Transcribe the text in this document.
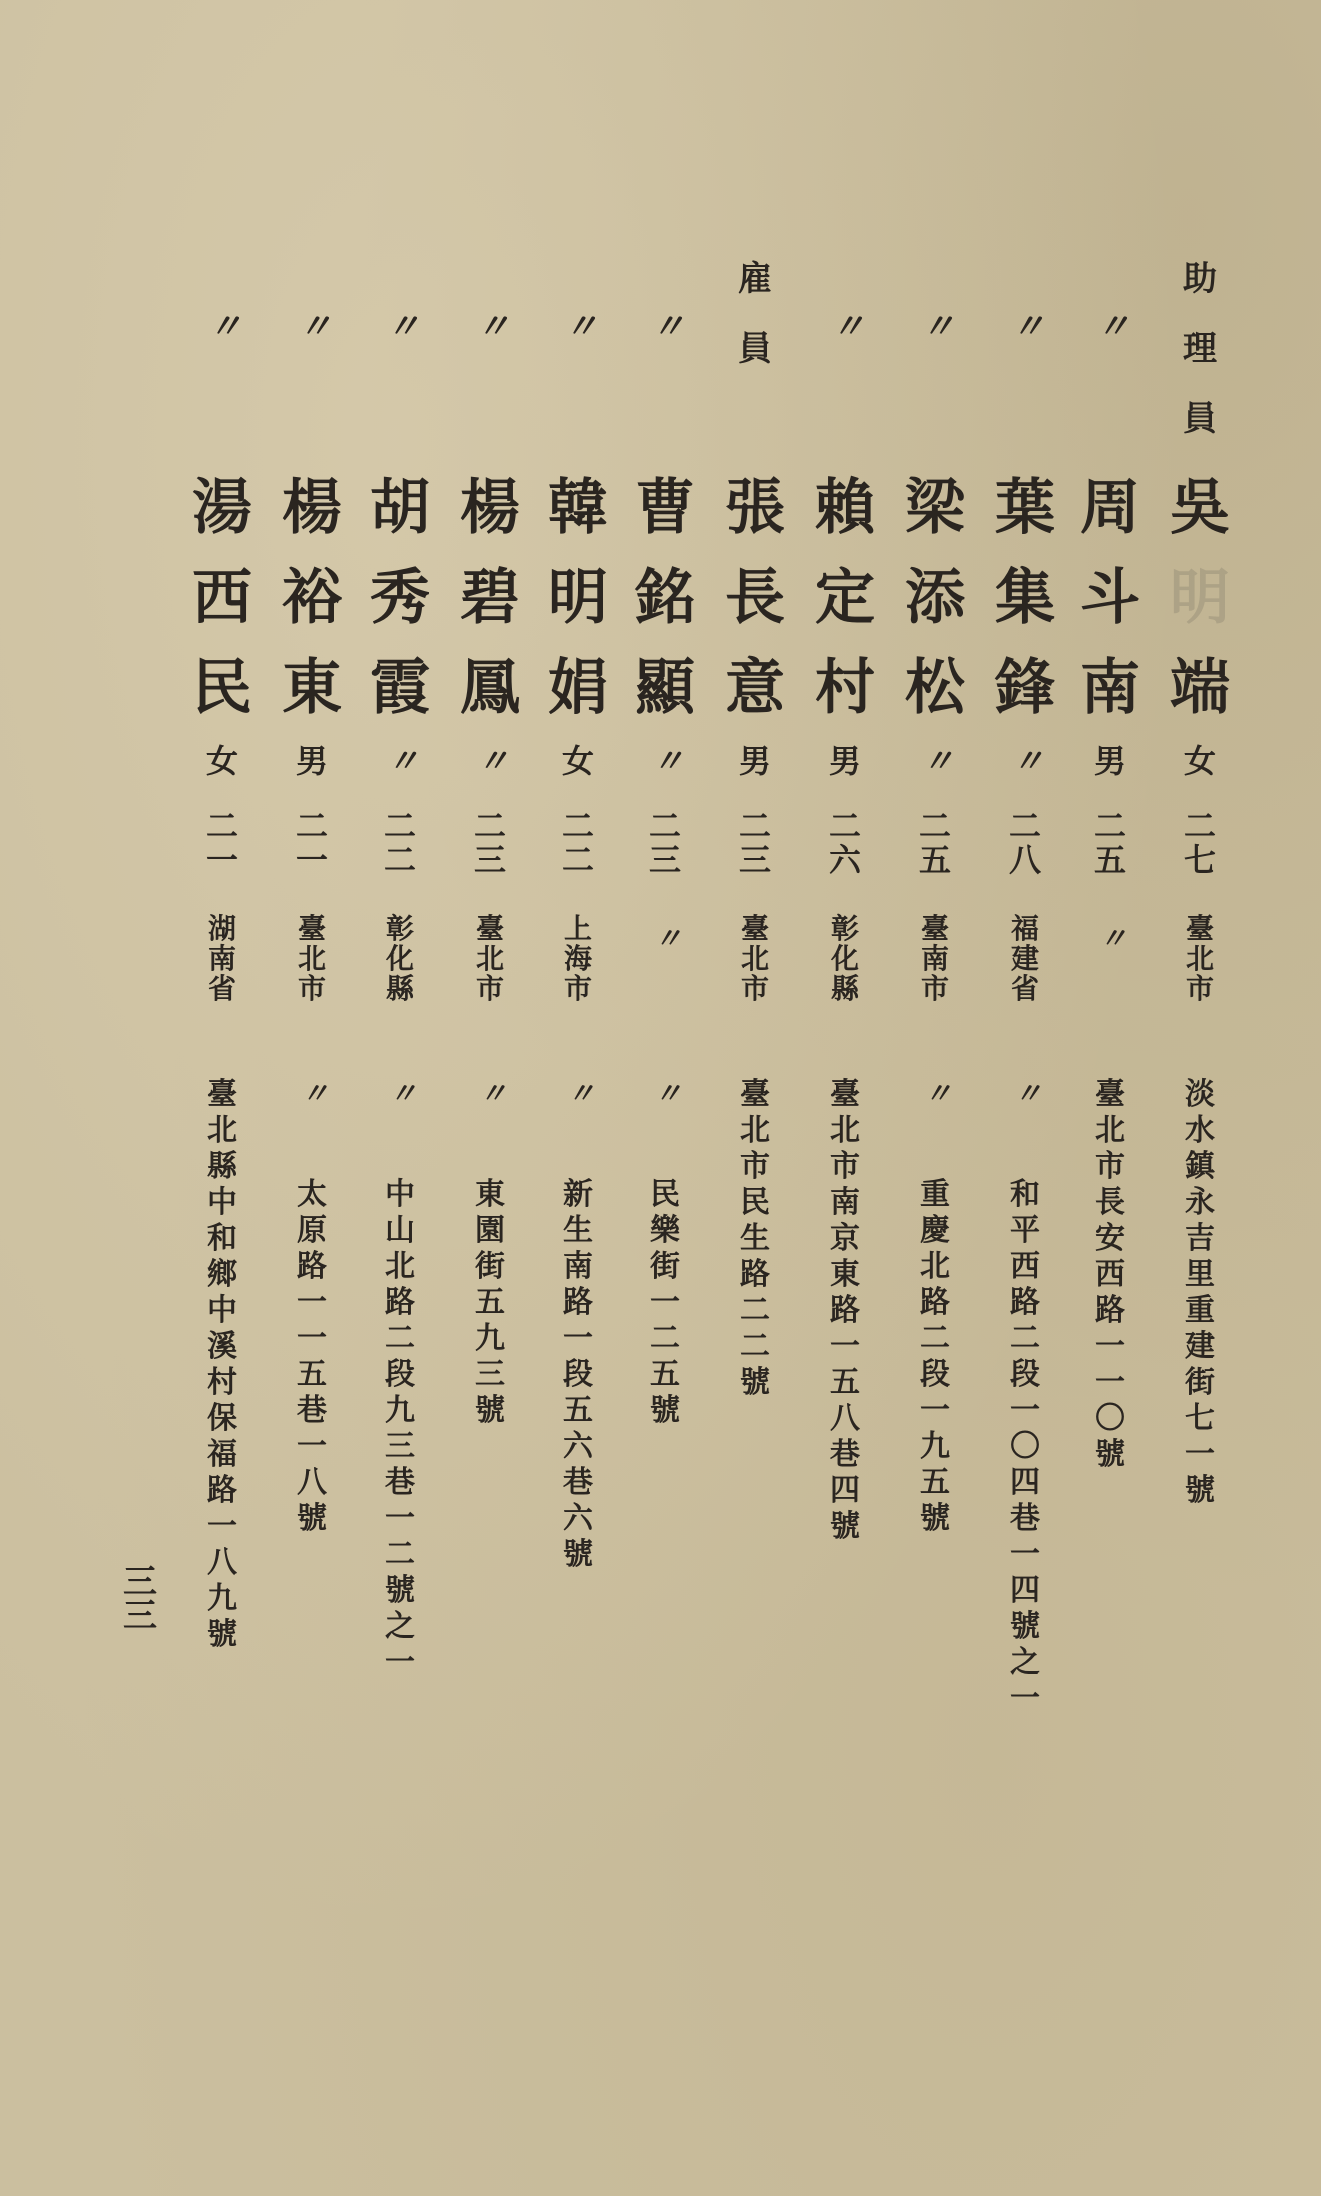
助
理
員
吳
明
端
女
二
七
臺
北
市
淡
水
鎮
永
吉
里
重
建
街
七
一
號
〃
周
斗
南
男
二
五
〃
臺
北
市
長
安
西
路
一
一
〇
號
〃
葉
集
鋒
〃
二
八
福
建
省
〃
和
平
西
路
二
段
一
〇
四
巷
一
四
號
之
一
〃
梁
添
松
〃
二
五
臺
南
市
〃
重
慶
北
路
二
段
一
九
五
號
〃
賴
定
村
男
二
六
彰
化
縣
臺
北
市
南
京
東
路
一
五
八
巷
四
號
雇
員
張
長
意
男
二
三
臺
北
市
臺
北
市
民
生
路
二
二
號
〃
曹
銘
顯
〃
二
三
〃
〃
民
樂
街
一
二
五
號
〃
韓
明
娟
女
二
二
上
海
市
〃
新
生
南
路
一
段
五
六
巷
六
號
〃
楊
碧
鳳
〃
二
三
臺
北
市
〃
東
園
街
五
九
三
號
〃
胡
秀
霞
〃
二
二
彰
化
縣
〃
中
山
北
路
二
段
九
三
巷
一
二
號
之
一
〃
楊
裕
東
男
二
一
臺
北
市
〃
太
原
路
一
一
五
巷
一
八
號
〃
湯
西
民
女
二
一
湖
南
省
臺
北
縣
中
和
鄉
中
溪
村
保
福
路
一
八
九
號
三
三
